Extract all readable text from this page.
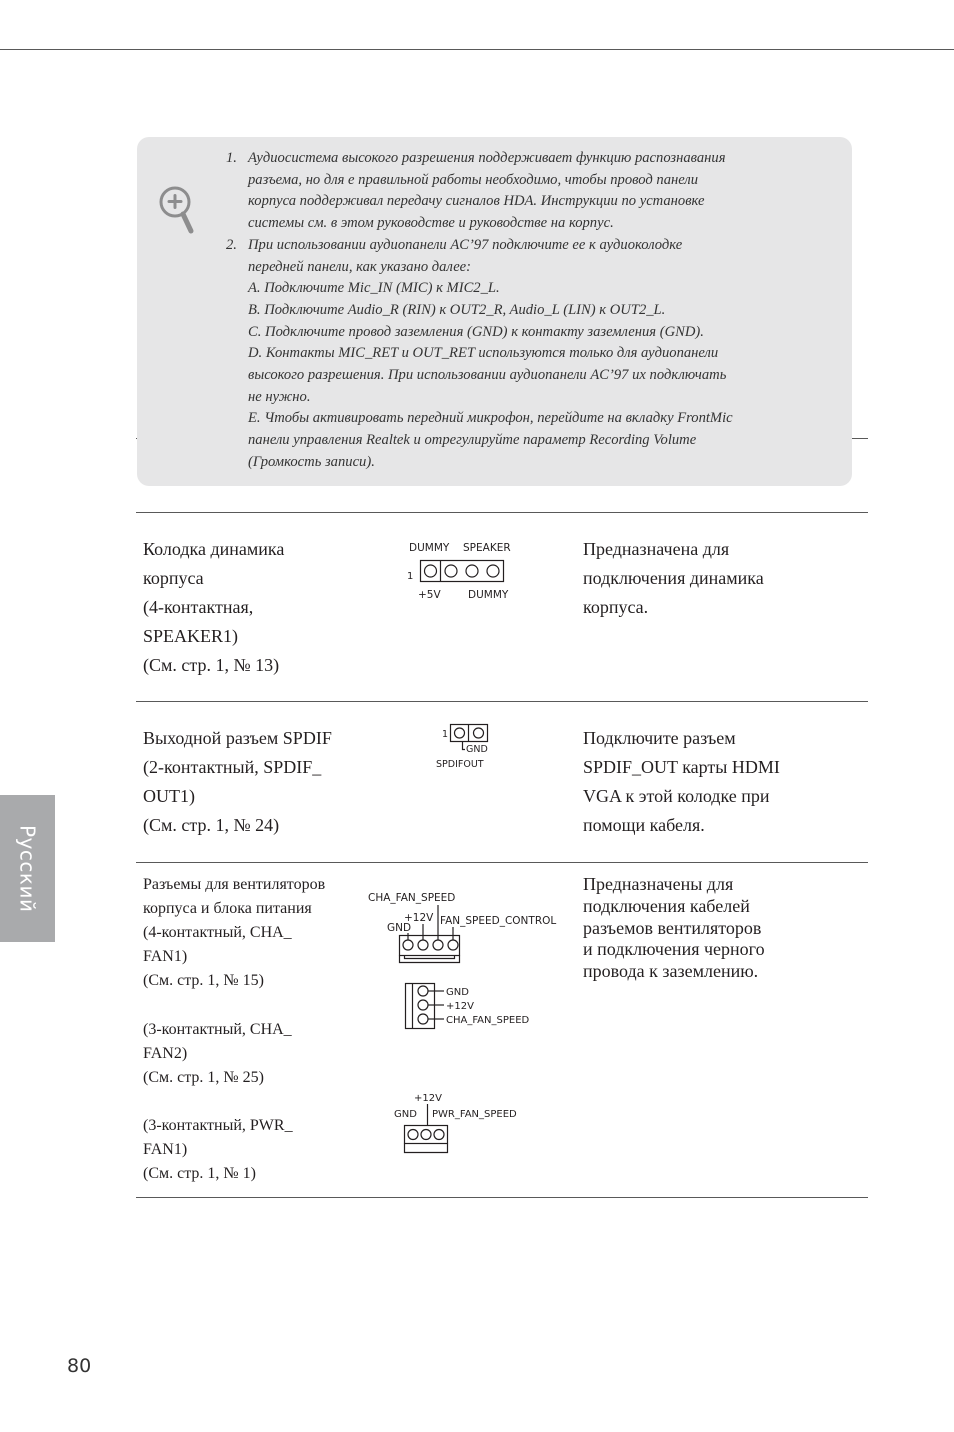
1. Аудиосистема высокого разрешения поддерживает функцию распознавания
разъема, но для е правильной работы необходимо, чтобы провод панели
корпуса поддерживал передачу сигналов HDA. Инструкции по установке
системы см. в этом руководстве и руководстве на корпус.
2. При использовании аудиопанели AC’97 подключите ее к аудиоколодке
передней панели, как указано далее:
A. Подключите Mic_IN (MIC) к MIC2_L.
B. Подключите Audio_R (RIN) к OUT2_R, Audio_L (LIN) к OUT2_L.
C. Подключите провод заземления (GND) к контакту заземления (GND).
D. Контакты MIC_RET и OUT_RET используются только для аудиопанели
высокого разрешения. При использовании аудиопанели AC’97 их подключать
не нужно.
E. Чтобы активировать передний микрофон, перейдите на вкладку FrontMic
панели управления Realtek и отрегулируйте параметр Recording Volume
(Громкость записи).
Колодка динамика
корпуса
(4-контактная,
SPEAKER1)
(См. стр. 1, № 13)
DUMMY SPEAKER
1
+5V	DUMMY
Предназначена для
подключения динамика
корпуса.
Выходной разъем SPDIF
(2-контактный, SPDIF_
OUT1)
(См. стр. 1, № 24)
1
GND
SPDIFOUT
Подключите разъем
SPDIF_OUT карты HDMI
VGA к этой колодке при
помощи кабеля.
Разъемы для вентиляторов
корпуса и блока питания
(4-контактный, CHA_
FAN1)
(См. стр. 1, № 15)
(3-контактный, CHA_
FAN2)
(См. стр. 1, № 25)
(3-контактный, PWR_
FAN1)
(См. стр. 1, № 1)
CHA_FAN_SPEED
+12V FAN_SPEED_CONTROL
GND
GND
+12V
CHA_FAN_SPEED
+12V
GND PWR_FAN_SPEED
Предназначены для
подключения кабелей
разъемов вентиляторов
и подключения черного
провода к заземлению.
Русский
80
